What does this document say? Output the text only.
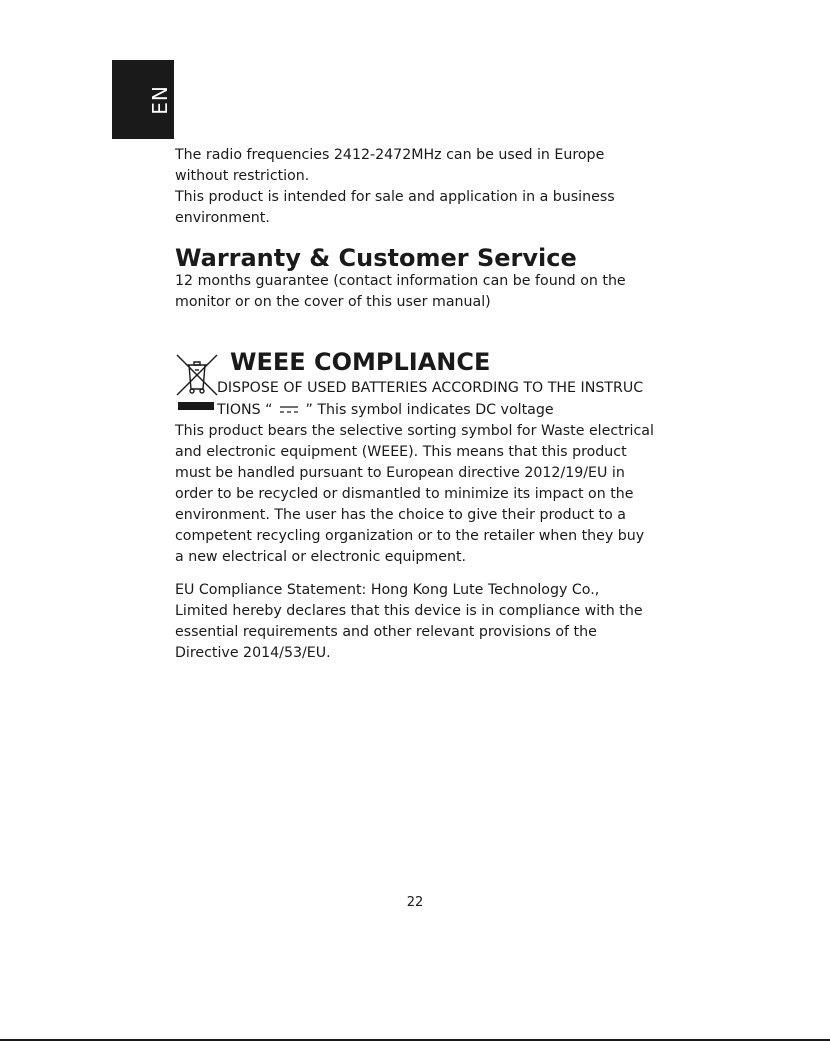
EN

The radio frequencies 2412-2472MHz can be used in Europe without restriction.
This product is intended for sale and application in a business environment.

Warranty & Customer Service

12 months guarantee (contact information can be found on the monitor or on the cover of this user manual)

WEEE COMPLIANCE
DISPOSE OF USED BATTERIES ACCORDING TO THE INSTRUC
TIONS “ ” This symbol indicates DC voltage

This product bears the selective sorting symbol for Waste electrical and electronic equipment (WEEE). This means that this product must be handled pursuant to European directive 2012/19/EU in order to be recycled or dismantled to minimize its impact on the environment. The user has the choice to give their product to a competent recycling organization or to the retailer when they buy a new electrical or electronic equipment.

EU Compliance Statement: Hong Kong Lute Technology Co., Limited hereby declares that this device is in compliance with the essential requirements and other relevant provisions of the Directive 2014/53/EU.

22
